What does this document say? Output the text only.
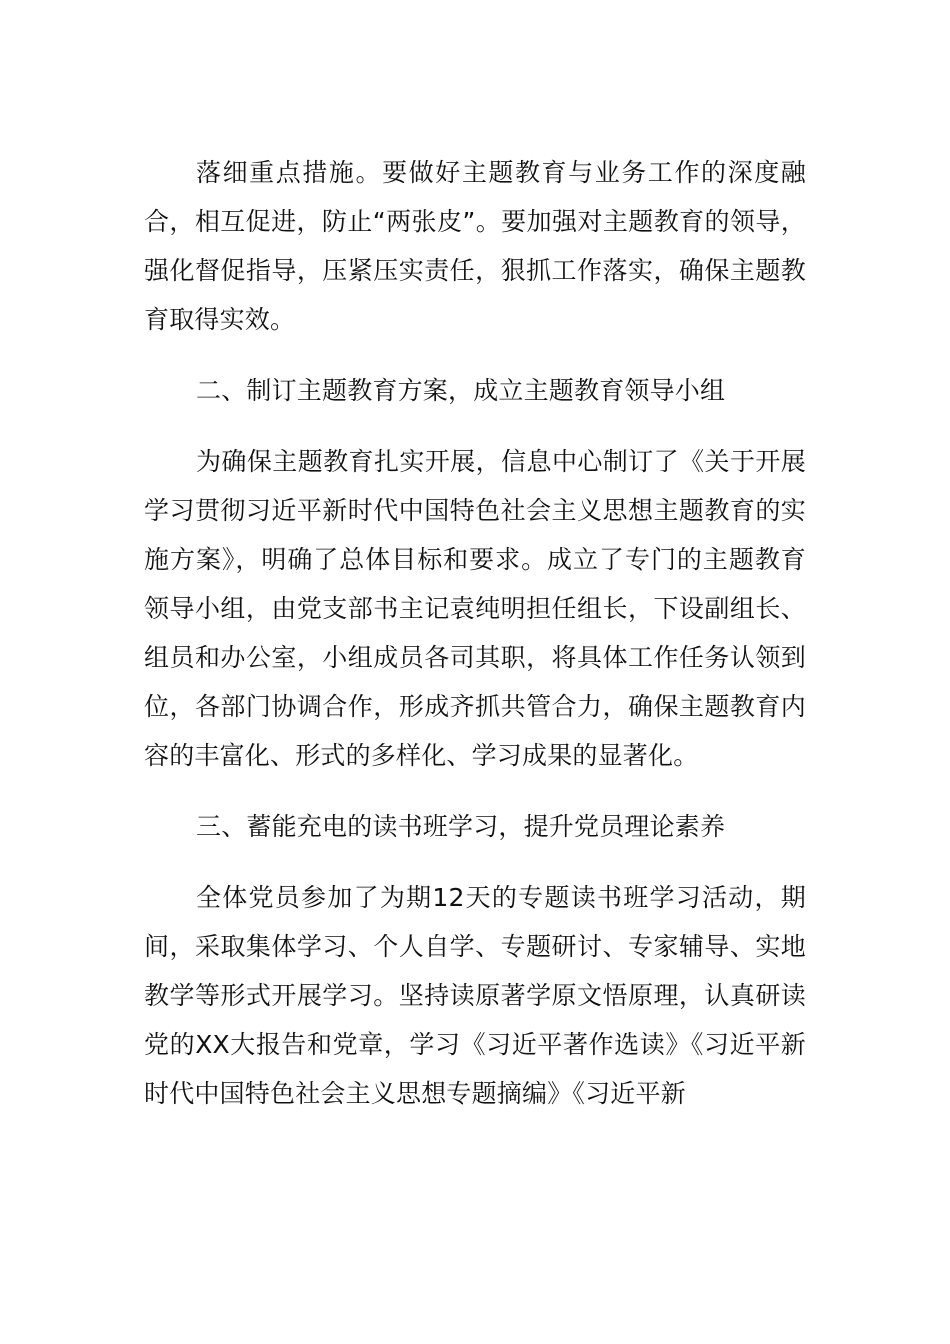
落细重点措施。要做好主题教育与业务工作的深度融合，相互促进，防止“两张皮”。要加强对主题教育的领导，强化督促指导，压紧压实责任，狠抓工作落实，确保主题教育取得实效。

二、制订主题教育方案，成立主题教育领导小组

为确保主题教育扎实开展，信息中心制订了《关于开展学习贯彻习近平新时代中国特色社会主义思想主题教育的实施方案》，明确了总体目标和要求。成立了专门的主题教育领导小组，由党支部书主记袁纯明担任组长，下设副组长、组员和办公室，小组成员各司其职，将具体工作任务认领到位，各部门协调合作，形成齐抓共管合力，确保主题教育内容的丰富化、形式的多样化、学习成果的显著化。

三、蓄能充电的读书班学习，提升党员理论素养

全体党员参加了为期12天的专题读书班学习活动，期间，采取集体学习、个人自学、专题研讨、专家辅导、实地教学等形式开展学习。坚持读原著学原文悟原理，认真研读党的XX大报告和党章，学习《习近平著作选读》《习近平新时代中国特色社会主义思想专题摘编》《习近平新
